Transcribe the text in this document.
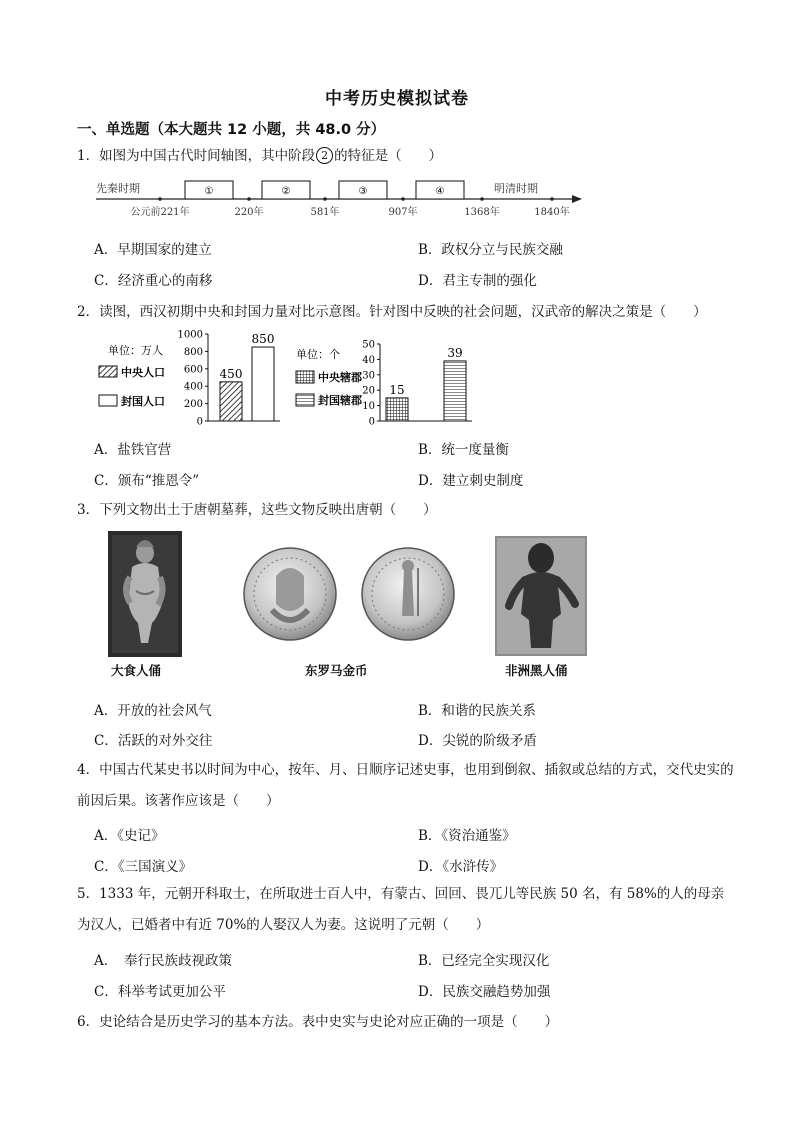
中考历史模拟试卷
一、单选题（本大题共 12 小题，共 48.0 分）
1．如图为中国古代时间轴图，其中阶段 2 的特征是（　　）
先秦时期	明清时期
①	②	③	④
公元前221年	220年	581年	907年	1368年	1840年
A．早期国家的建立	B．政权分立与民族交融
C．经济重心的南移	D．君主专制的强化
2．读图，西汉初期中央和封国力量对比示意图。针对图中反映的社会问题，汉武帝的解决之策是（　　）
单位：万人
中央人口
封国人口
1000
800
600
400
200
0
450
850
单位：个
中央辖郡
封国辖郡
50
40
30
20
10
0
15
39
A．盐铁官营	B．统一度量衡
C．颁布“推恩令”	D．建立刺史制度
3．下列文物出土于唐朝墓葬，这些文物反映出唐朝（　　）
大食人俑	东罗马金币	非洲黑人俑
A．开放的社会风气	B．和谐的民族关系
C．活跃的对外交往	D．尖锐的阶级矛盾
4．中国古代某史书以时间为中心，按年、月、日顺序记述史事，也用到倒叙、插叙或总结的方式，交代史实的前因后果。该著作应该是（　　）
A．《史记》	B．《资治通鉴》
C．《三国演义》	D．《水浒传》
5．1333 年，元朝开科取士，在所取进士百人中，有蒙古、回回、畏兀儿等民族 50 名，有 58%的人的母亲为汉人，已婚者中有近 70%的人娶汉人为妻。这说明了元朝（　　）
A．　奉行民族歧视政策	B．已经完全实现汉化
C．科举考试更加公平	D．民族交融趋势加强
6．史论结合是历史学习的基本方法。表中史实与史论对应正确的一项是（　　）
